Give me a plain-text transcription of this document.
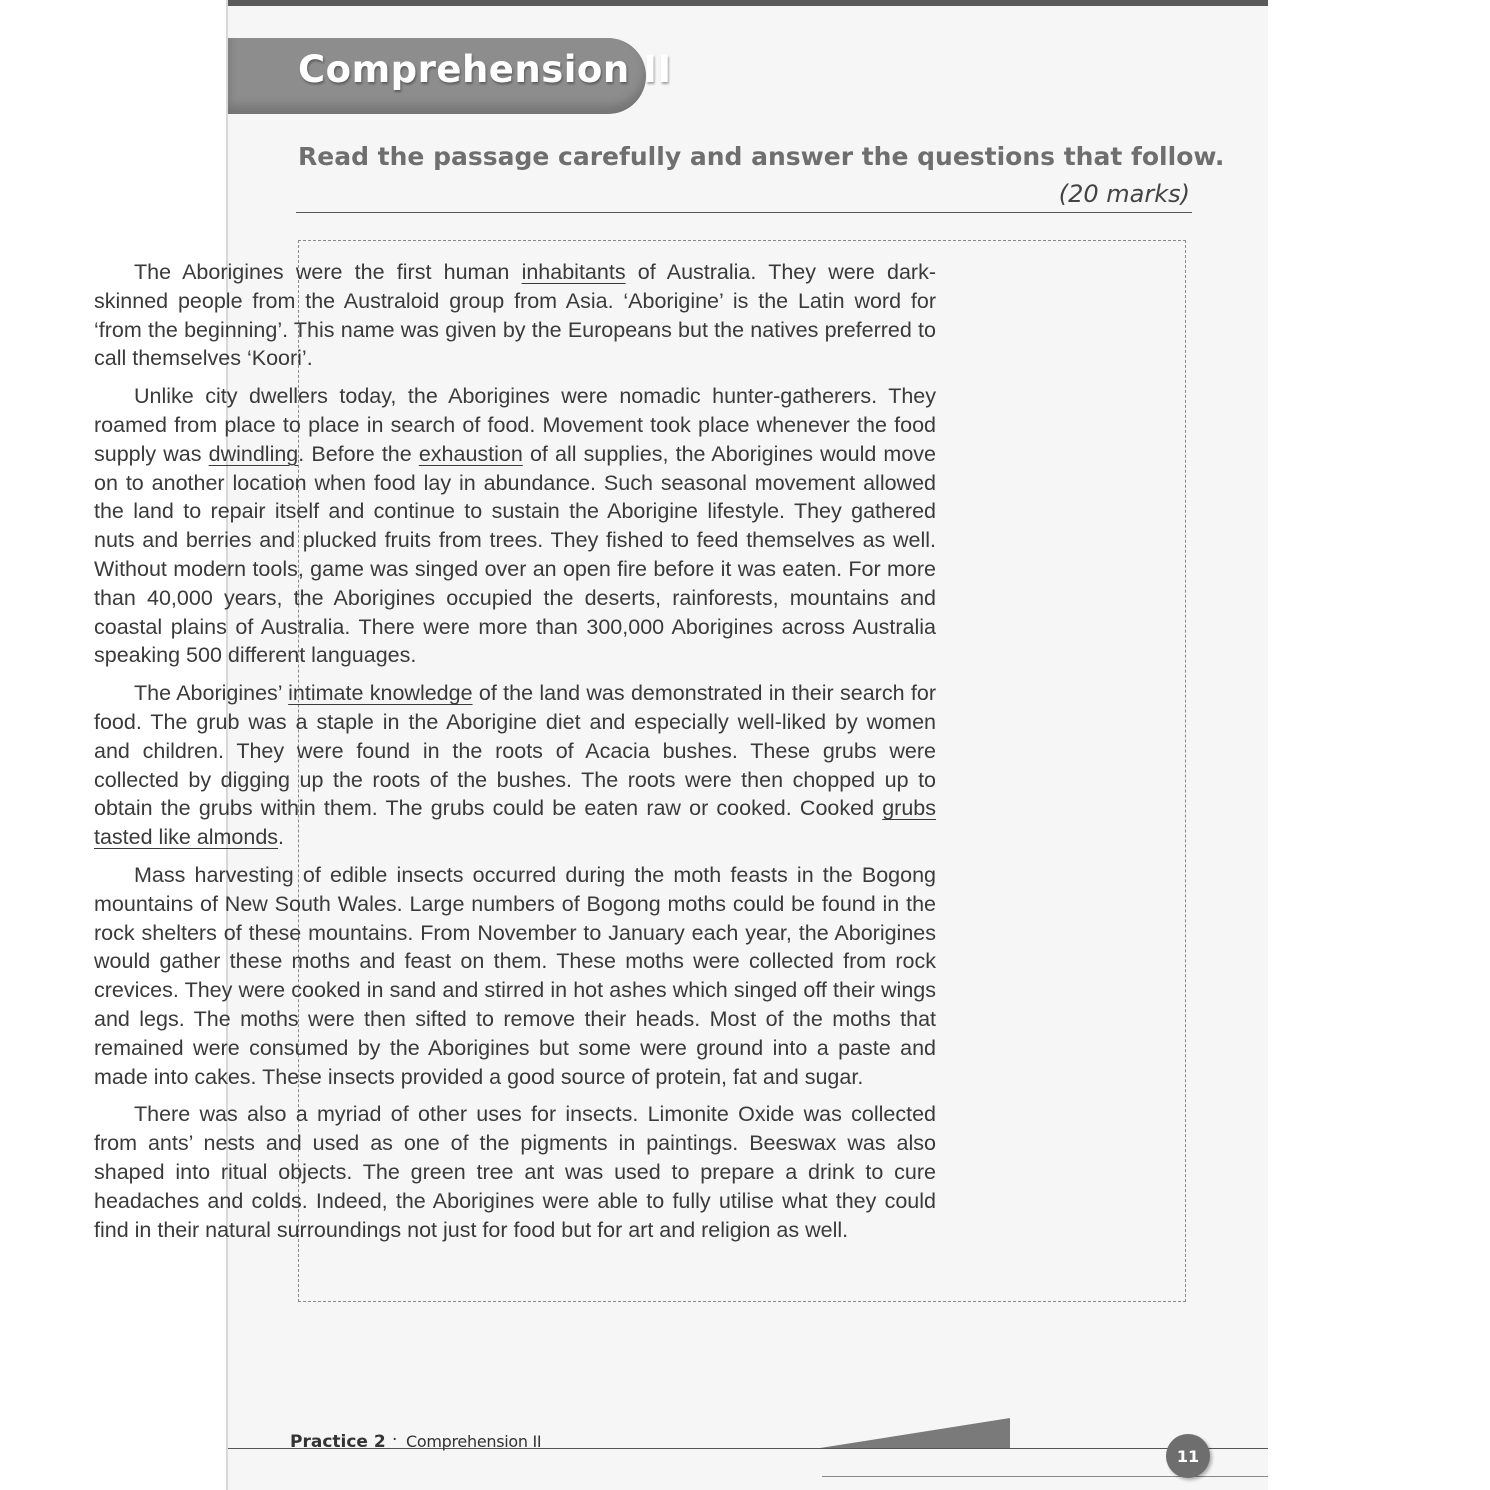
Comprehension II
Read the passage carefully and answer the questions that follow.
(20 marks)
Practice 2 · Comprehension II
11

The Aborigines were the first human inhabitants of Australia. They were dark-skinned people from the Australoid group from Asia. ‘Aborigine’ is the Latin word for ‘from the beginning’. This name was given by the Europeans but the natives preferred to call themselves ‘Koori’.

Unlike city dwellers today, the Aborigines were nomadic hunter-gatherers. They roamed from place to place in search of food. Movement took place whenever the food supply was dwindling. Before the exhaustion of all supplies, the Aborigines would move on to another location when food lay in abundance. Such seasonal movement allowed the land to repair itself and continue to sustain the Aborigine lifestyle. They gathered nuts and berries and plucked fruits from trees. They fished to feed themselves as well. Without modern tools, game was singed over an open fire before it was eaten. For more than 40,000 years, the Aborigines occupied the deserts, rainforests, mountains and coastal plains of Australia. There were more than 300,000 Aborigines across Australia speaking 500 different languages.

The Aborigines’ intimate knowledge of the land was demonstrated in their search for food. The grub was a staple in the Aborigine diet and especially well-liked by women and children. They were found in the roots of Acacia bushes. These grubs were collected by digging up the roots of the bushes. The roots were then chopped up to obtain the grubs within them. The grubs could be eaten raw or cooked. Cooked grubs tasted like almonds.

Mass harvesting of edible insects occurred during the moth feasts in the Bogong mountains of New South Wales. Large numbers of Bogong moths could be found in the rock shelters of these mountains. From November to January each year, the Aborigines would gather these moths and feast on them. These moths were collected from rock crevices. They were cooked in sand and stirred in hot ashes which singed off their wings and legs. The moths were then sifted to remove their heads. Most of the moths that remained were consumed by the Aborigines but some were ground into a paste and made into cakes. These insects provided a good source of protein, fat and sugar.

There was also a myriad of other uses for insects. Limonite Oxide was collected from ants’ nests and used as one of the pigments in paintings. Beeswax was also shaped into ritual objects. The green tree ant was used to prepare a drink to cure headaches and colds. Indeed, the Aborigines were able to fully utilise what they could find in their natural surroundings not just for food but for art and religion as well.
